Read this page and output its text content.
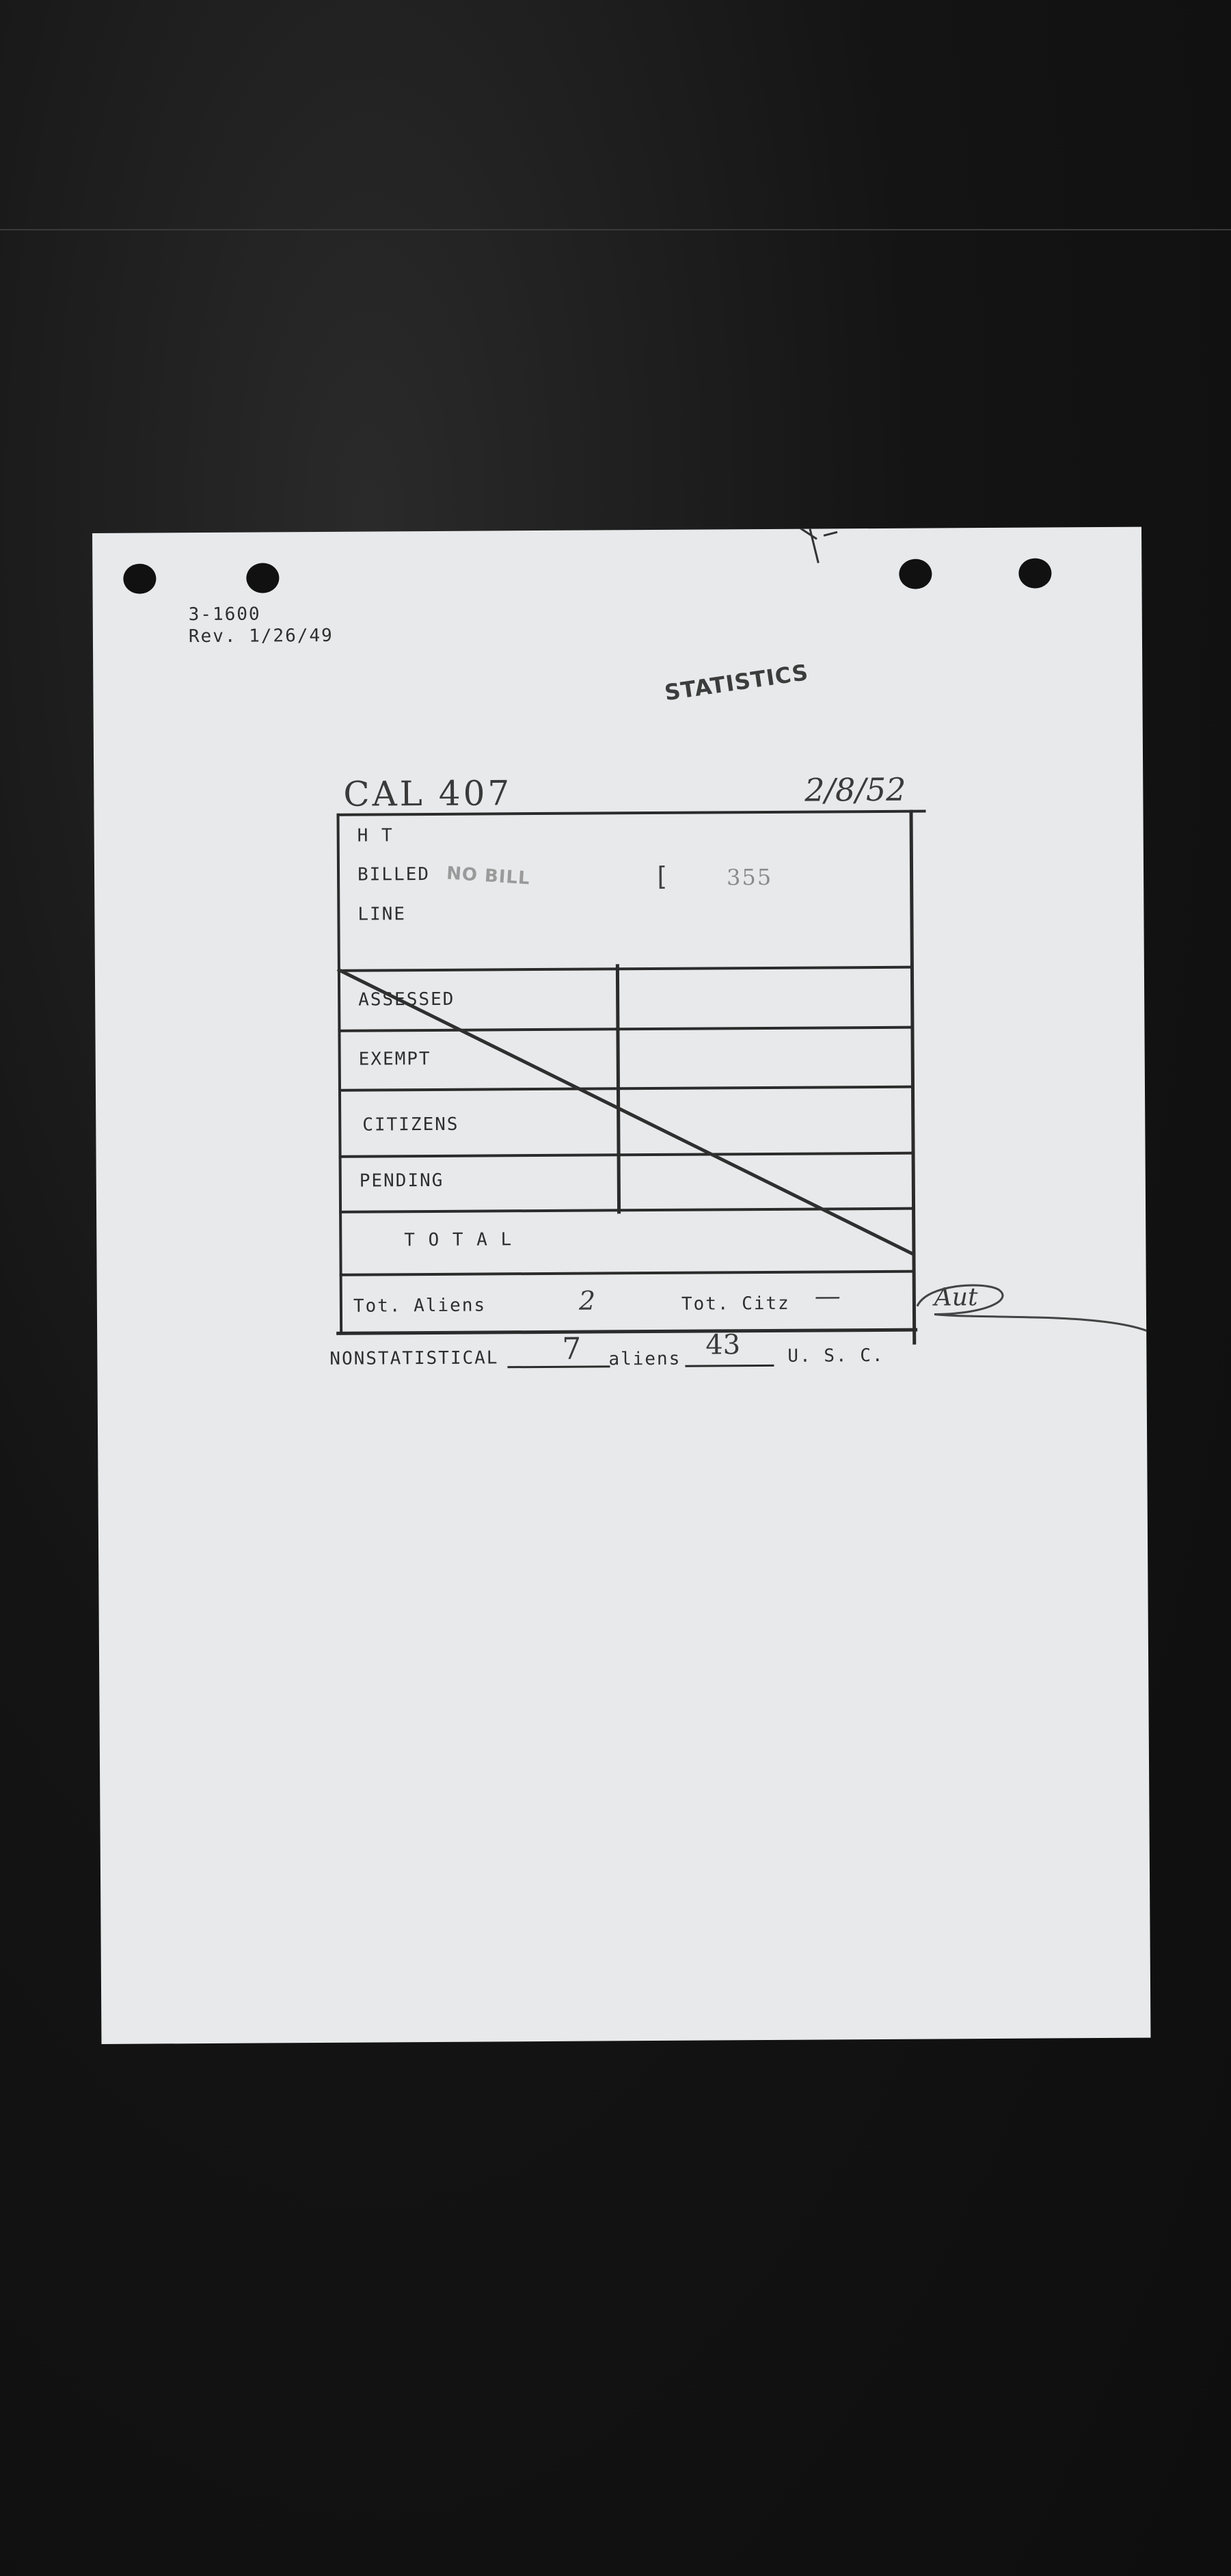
3-1600
Rev. 1/26/49
STATISTICS
CAL 407	2/8/52
H T
BILLED NO BILL
LINE
[	355
ASSESSED
EXEMPT
CITIZENS
PENDING
T O T A L
Tot. Aliens	2	Tot. Citz —	Aut
NONSTATISTICAL 7 aliens 43	U. S. C.
